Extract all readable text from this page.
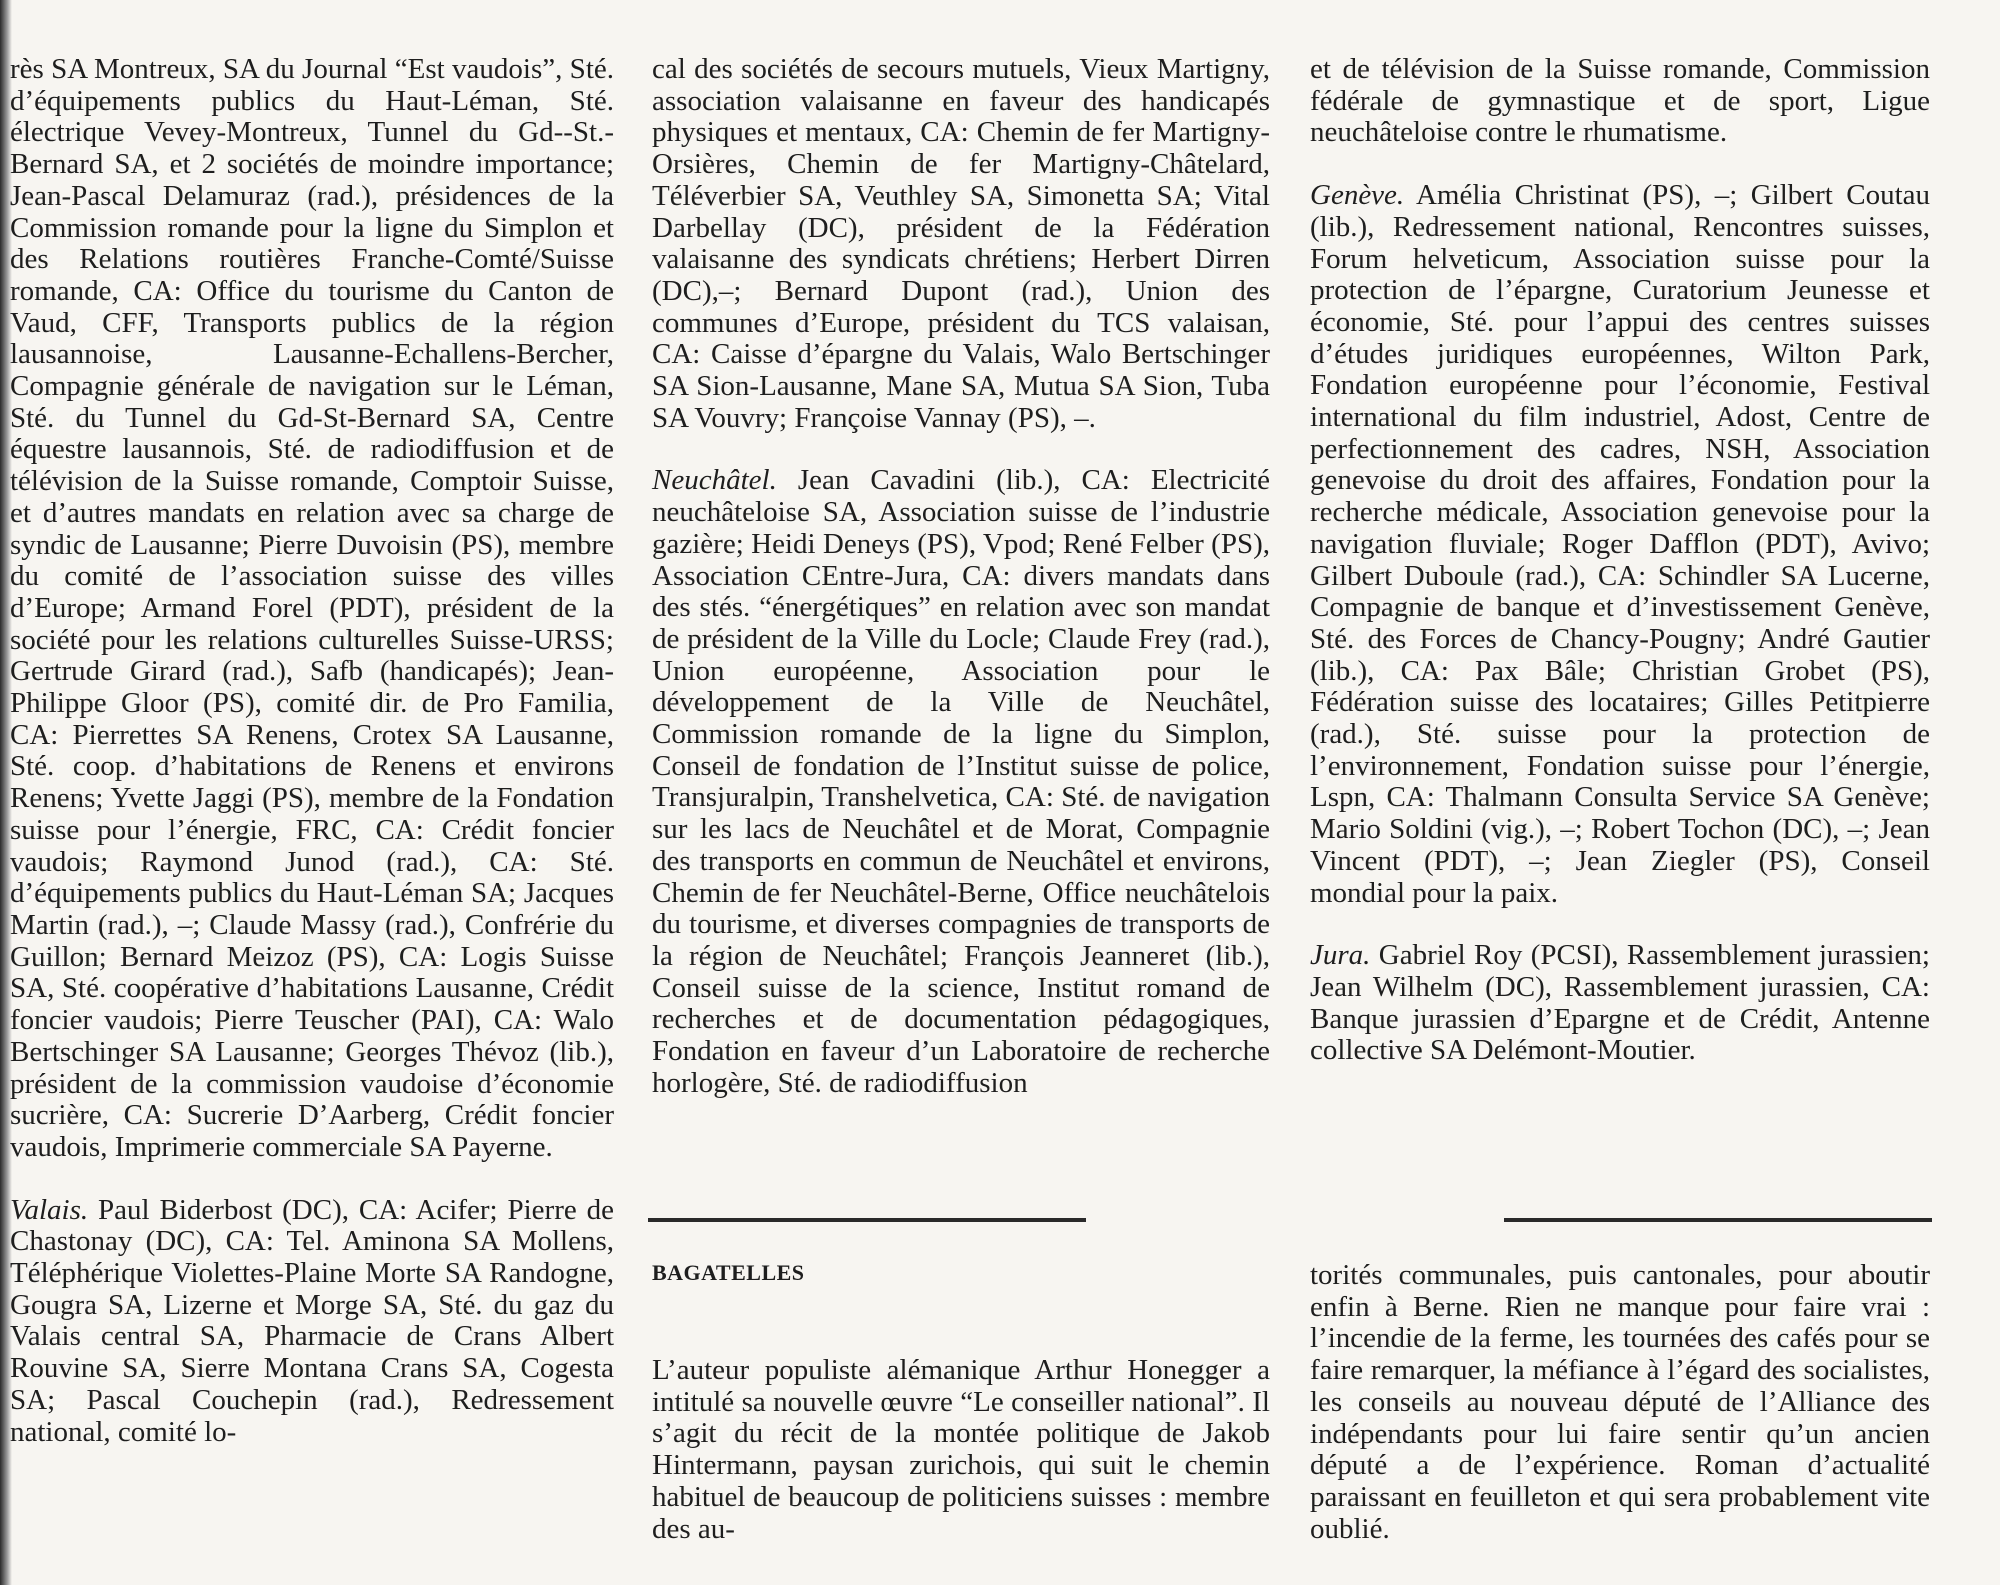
rès SA Montreux, SA du Journal “Est vaudois”, Sté. d’équipements publics du Haut-Léman, Sté. électrique Vevey-Montreux, Tunnel du Gd--St.-Bernard SA, et 2 sociétés de moindre importance; Jean-Pascal Delamuraz (rad.), présidences de la Commission romande pour la ligne du Simplon et des Relations routières Franche-Comté/Suisse romande, CA: Office du tourisme du Canton de Vaud, CFF, Transports publics de la région lausannoise, Lausanne-Echallens-Bercher, Compagnie générale de navigation sur le Léman, Sté. du Tunnel du Gd-St-Bernard SA, Centre équestre lausannois, Sté. de radiodiffusion et de télévision de la Suisse romande, Comptoir Suisse, et d’autres mandats en relation avec sa charge de syndic de Lausanne; Pierre Duvoisin (PS), membre du comité de l’association suisse des villes d’Europe; Armand Forel (PDT), président de la société pour les relations culturelles Suisse-URSS; Gertrude Girard (rad.), Safb (handicapés); Jean-Philippe Gloor (PS), comité dir. de Pro Familia, CA: Pierrettes SA Renens, Crotex SA Lausanne, Sté. coop. d’habitations de Renens et environs Renens; Yvette Jaggi (PS), membre de la Fondation suisse pour l’énergie, FRC, CA: Crédit foncier vaudois; Raymond Junod (rad.), CA: Sté. d’équipements publics du Haut-Léman SA; Jacques Martin (rad.), –; Claude Massy (rad.), Confrérie du Guillon; Bernard Meizoz (PS), CA: Logis Suisse SA, Sté. coopérative d’habitations Lausanne, Crédit foncier vaudois; Pierre Teuscher (PAI), CA: Walo Bertschinger SA Lausanne; Georges Thévoz (lib.), président de la commission vaudoise d’économie sucrière, CA: Sucrerie D’Aarberg, Crédit foncier vaudois, Imprimerie commerciale SA Payerne.

Valais. Paul Biderbost (DC), CA: Acifer; Pierre de Chastonay (DC), CA: Tel. Aminona SA Mollens, Téléphérique Violettes-Plaine Morte SA Randogne, Gougra SA, Lizerne et Morge SA, Sté. du gaz du Valais central SA, Pharmacie de Crans Albert Rouvine SA, Sierre Montana Crans SA, Cogesta SA; Pascal Couchepin (rad.), Redressement national, comité lo-

cal des sociétés de secours mutuels, Vieux Martigny, association valaisanne en faveur des handicapés physiques et mentaux, CA: Chemin de fer Martigny-Orsières, Chemin de fer Martigny-Châtelard, Téléverbier SA, Veuthley SA, Simonetta SA; Vital Darbellay (DC), président de la Fédération valaisanne des syndicats chrétiens; Herbert Dirren (DC),–; Bernard Dupont (rad.), Union des communes d’Europe, président du TCS valaisan, CA: Caisse d’épargne du Valais, Walo Bertschinger SA Sion-Lausanne, Mane SA, Mutua SA Sion, Tuba SA Vouvry; Françoise Vannay (PS), –.

Neuchâtel. Jean Cavadini (lib.), CA: Electricité neuchâteloise SA, Association suisse de l’industrie gazière; Heidi Deneys (PS), Vpod; René Felber (PS), Association CEntre-Jura, CA: divers mandats dans des stés. “énergétiques” en relation avec son mandat de président de la Ville du Locle; Claude Frey (rad.), Union européenne, Association pour le développement de la Ville de Neuchâtel, Commission romande de la ligne du Simplon, Conseil de fondation de l’Institut suisse de police, Transjuralpin, Transhelvetica, CA: Sté. de navigation sur les lacs de Neuchâtel et de Morat, Compagnie des transports en commun de Neuchâtel et environs, Chemin de fer Neuchâtel-Berne, Office neuchâtelois du tourisme, et diverses compagnies de transports de la région de Neuchâtel; François Jeanneret (lib.), Conseil suisse de la science, Institut romand de recherches et de documentation pédagogiques, Fondation en faveur d’un Laboratoire de recherche horlogère, Sté. de radiodiffusion

et de télévision de la Suisse romande, Commission fédérale de gymnastique et de sport, Ligue neuchâteloise contre le rhumatisme.

Genève. Amélia Christinat (PS), –; Gilbert Coutau (lib.), Redressement national, Rencontres suisses, Forum helveticum, Association suisse pour la protection de l’épargne, Curatorium Jeunesse et économie, Sté. pour l’appui des centres suisses d’études juridiques européennes, Wilton Park, Fondation européenne pour l’économie, Festival international du film industriel, Adost, Centre de perfectionnement des cadres, NSH, Association genevoise du droit des affaires, Fondation pour la recherche médicale, Association genevoise pour la navigation fluviale; Roger Dafflon (PDT), Avivo; Gilbert Duboule (rad.), CA: Schindler SA Lucerne, Compagnie de banque et d’investissement Genève, Sté. des Forces de Chancy-Pougny; André Gautier (lib.), CA: Pax Bâle; Christian Grobet (PS), Fédération suisse des locataires; Gilles Petitpierre (rad.), Sté. suisse pour la protection de l’environnement, Fondation suisse pour l’énergie, Lspn, CA: Thalmann Consulta Service SA Genève; Mario Soldini (vig.), –; Robert Tochon (DC), –; Jean Vincent (PDT), –; Jean Ziegler (PS), Conseil mondial pour la paix.

Jura. Gabriel Roy (PCSI), Rassemblement jurassien; Jean Wilhelm (DC), Rassemblement jurassien, CA: Banque jurassien d’Epargne et de Crédit, Antenne collective SA Delémont-Moutier.

BAGATELLES

L’auteur populiste alémanique Arthur Honegger a intitulé sa nouvelle œuvre “Le conseiller national”. Il s’agit du récit de la montée politique de Jakob Hintermann, paysan zurichois, qui suit le chemin habituel de beaucoup de politiciens suisses : membre des au-

torités communales, puis cantonales, pour aboutir enfin à Berne. Rien ne manque pour faire vrai : l’incendie de la ferme, les tournées des cafés pour se faire remarquer, la méfiance à l’égard des socialistes, les conseils au nouveau député de l’Alliance des indépendants pour lui faire sentir qu’un ancien député a de l’expérience. Roman d’actualité paraissant en feuilleton et qui sera probablement vite oublié.
